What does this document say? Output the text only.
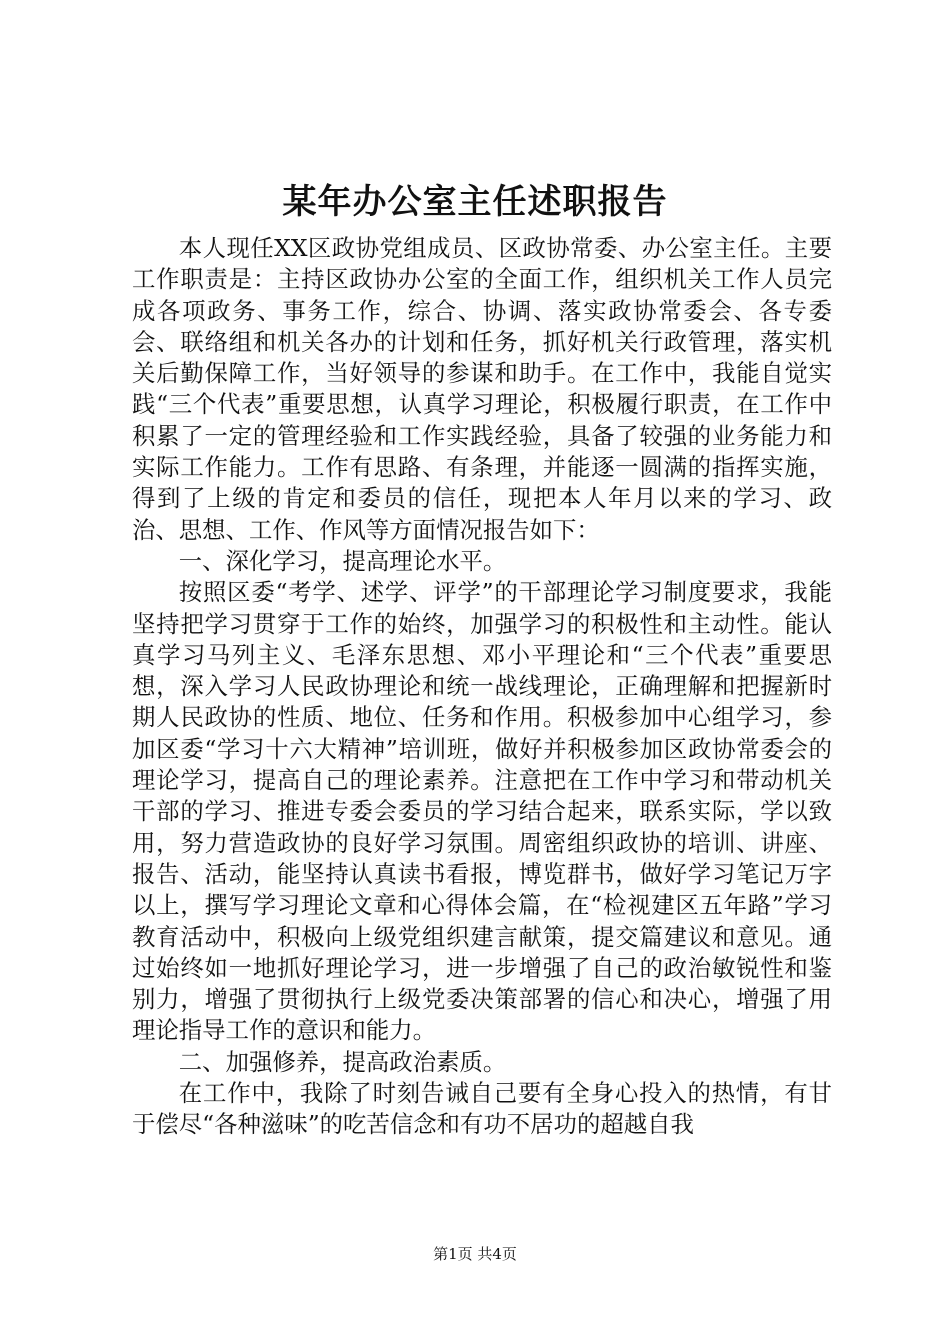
某年办公室主任述职报告

本人现任XX区政协党组成员、区政协常委、办公室主任。主要工作职责是：主持区政协办公室的全面工作，组织机关工作人员完成各项政务、事务工作，综合、协调、落实政协常委会、各专委会、联络组和机关各办的计划和任务，抓好机关行政管理，落实机关后勤保障工作，当好领导的参谋和助手。在工作中，我能自觉实践“三个代表”重要思想，认真学习理论，积极履行职责，在工作中积累了一定的管理经验和工作实践经验，具备了较强的业务能力和实际工作能力。工作有思路、有条理，并能逐一圆满的指挥实施，得到了上级的肯定和委员的信任，现把本人年月以来的学习、政治、思想、工作、作风等方面情况报告如下：

一、深化学习，提高理论水平。

按照区委“考学、述学、评学”的干部理论学习制度要求，我能坚持把学习贯穿于工作的始终，加强学习的积极性和主动性。能认真学习马列主义、毛泽东思想、邓小平理论和“三个代表”重要思想，深入学习人民政协理论和统一战线理论，正确理解和把握新时期人民政协的性质、地位、任务和作用。积极参加中心组学习，参加区委“学习十六大精神”培训班，做好并积极参加区政协常委会的理论学习，提高自己的理论素养。注意把在工作中学习和带动机关干部的学习、推进专委会委员的学习结合起来，联系实际，学以致用，努力营造政协的良好学习氛围。周密组织政协的培训、讲座、报告、活动，能坚持认真读书看报，博览群书，做好学习笔记万字以上，撰写学习理论文章和心得体会篇，在“检视建区五年路”学习教育活动中，积极向上级党组织建言献策，提交篇建议和意见。通过始终如一地抓好理论学习，进一步增强了自己的政治敏锐性和鉴别力，增强了贯彻执行上级党委决策部署的信心和决心，增强了用理论指导工作的意识和能力。

二、加强修养，提高政治素质。

在工作中，我除了时刻告诫自己要有全身心投入的热情，有甘于偿尽“各种滋味”的吃苦信念和有功不居功的超越自我

第1页 共4页
